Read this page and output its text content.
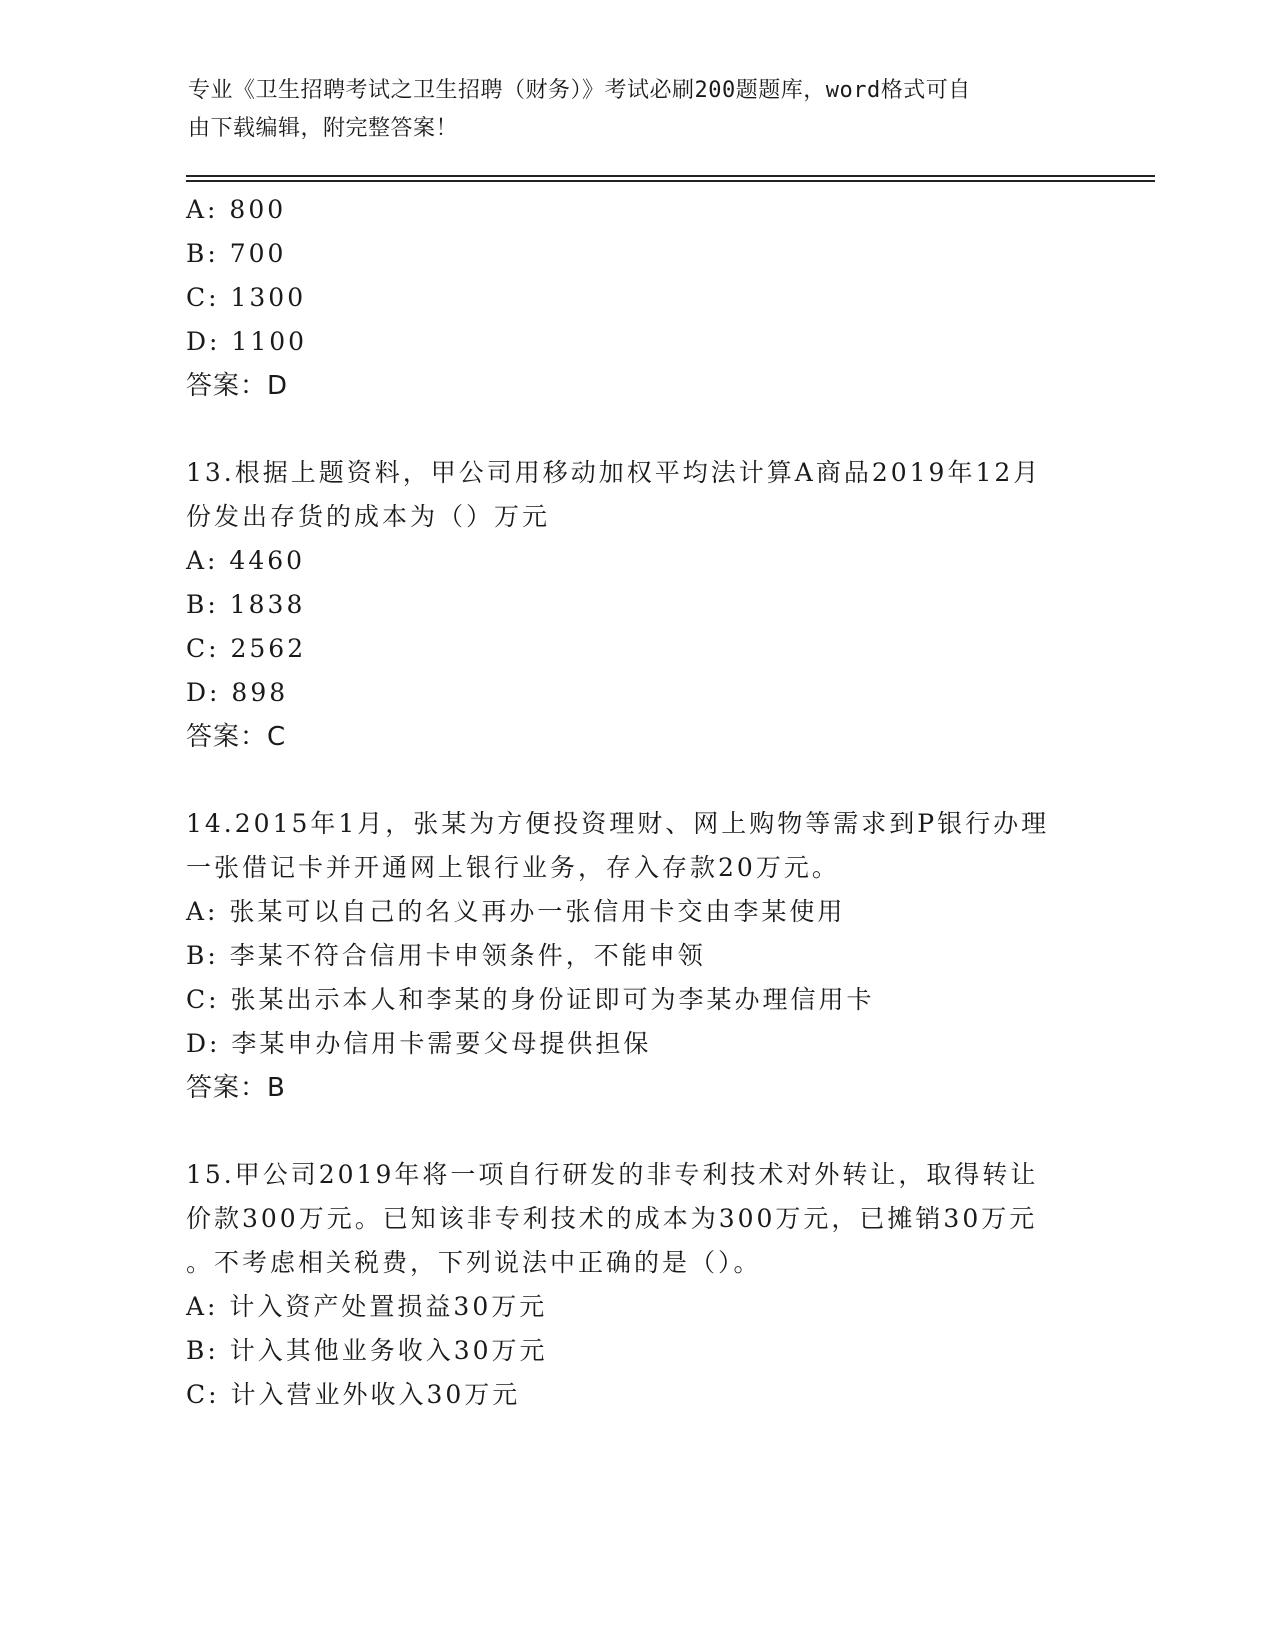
专业《卫生招聘考试之卫生招聘（财务）》考试必刷200题题库，word格式可自
由下载编辑，附完整答案！
A: 800
B: 700
C: 1300
D: 1100
答案：D
13.根据上题资料，甲公司用移动加权平均法计算A商品2019年12月
份发出存货的成本为（）万元
A: 4460
B: 1838
C: 2562
D: 898
答案：C
14.2015年1月，张某为方便投资理财、网上购物等需求到P银行办理
一张借记卡并开通网上银行业务，存入存款20万元。
A: 张某可以自己的名义再办一张信用卡交由李某使用
B: 李某不符合信用卡申领条件，不能申领
C: 张某出示本人和李某的身份证即可为李某办理信用卡
D: 李某申办信用卡需要父母提供担保
答案：B
15.甲公司2019年将一项自行研发的非专利技术对外转让，取得转让
价款300万元。已知该非专利技术的成本为300万元，已摊销30万元
。不考虑相关税费，下列说法中正确的是（）。
A: 计入资产处置损益30万元
B: 计入其他业务收入30万元
C: 计入营业外收入30万元
